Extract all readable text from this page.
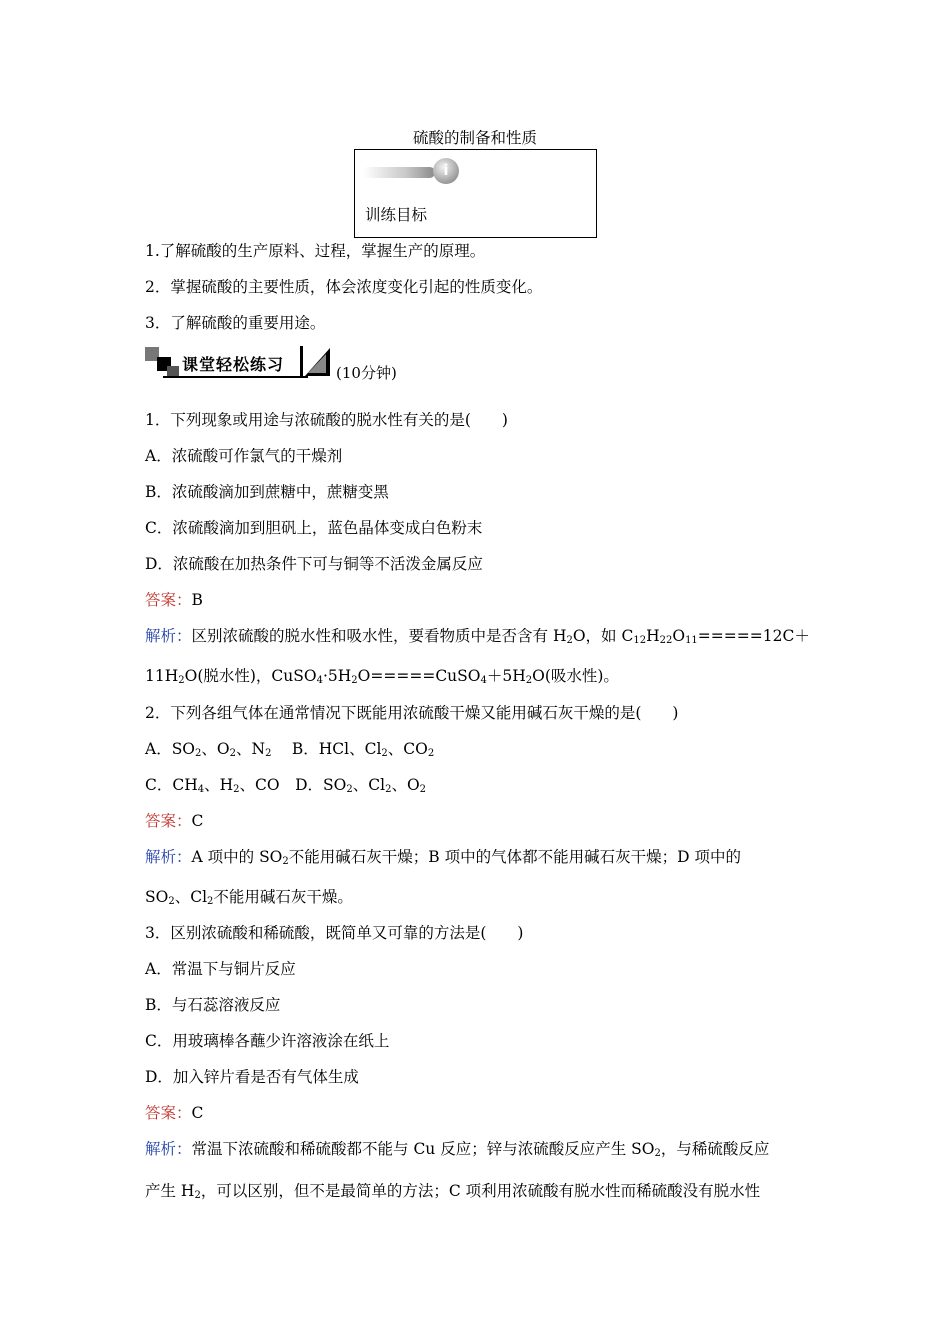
硫酸的制备和性质
i
训练目标
1.了解硫酸的生产原料、过程，掌握生产的原理。
2．掌握硫酸的主要性质，体会浓度变化引起的性质变化。
3．了解硫酸的重要用途。
课堂轻松练习	(10分钟)
1．下列现象或用途与浓硫酸的脱水性有关的是(　　)
A．浓硫酸可作氯气的干燥剂
B．浓硫酸滴加到蔗糖中，蔗糖变黑
C．浓硫酸滴加到胆矾上，蓝色晶体变成白色粉末
D．浓硫酸在加热条件下可与铜等不活泼金属反应
答案：B
解析：区别浓硫酸的脱水性和吸水性，要看物质中是否含有 $H_2O$，如 $C_{12}H_{22}O_{11}=====12C+$
$11H_2O$(脱水性)，$CuSO_4\cdot 5H_2O=====CuSO_4+5H_2O$(吸水性)。
2．下列各组气体在通常情况下既能用浓硫酸干燥又能用碱石灰干燥的是(　　)
A．$SO_2$、$O_2$、$N_2$　 B．HCl、$Cl_2$、$CO_2$
C．$CH_4$、$H_2$、CO　D．$SO_2$、$Cl_2$、$O_2$
答案：C
解析：A 项中的 $SO_2$不能用碱石灰干燥；B 项中的气体都不能用碱石灰干燥；D 项中的
$SO_2$、$Cl_2$不能用碱石灰干燥。
3．区别浓硫酸和稀硫酸，既简单又可靠的方法是(　　)
A．常温下与铜片反应
B．与石蕊溶液反应
C．用玻璃棒各蘸少许溶液涂在纸上
D．加入锌片看是否有气体生成
答案：C
解析：常温下浓硫酸和稀硫酸都不能与 Cu 反应；锌与浓硫酸反应产生 $SO_2$，与稀硫酸反应
产生 $H_2$，可以区别，但不是最简单的方法；C 项利用浓硫酸有脱水性而稀硫酸没有脱水性
